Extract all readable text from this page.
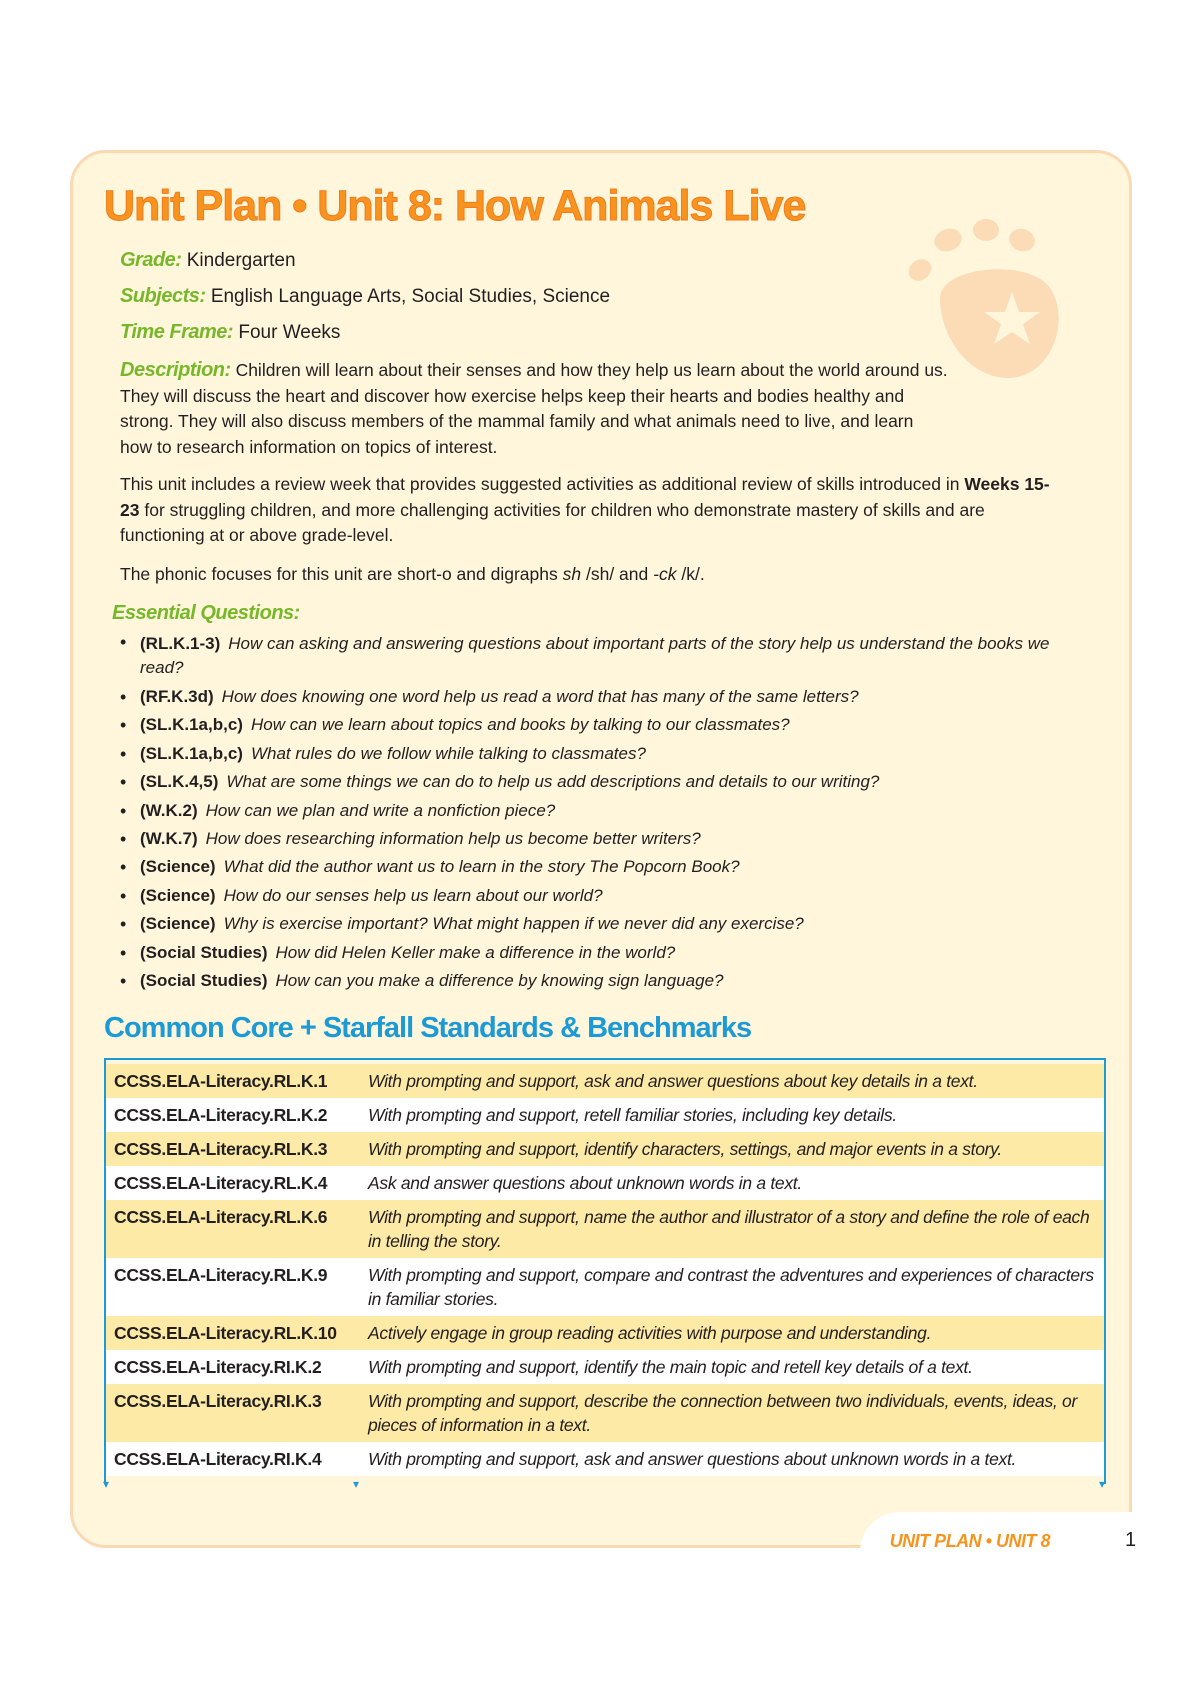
Unit Plan • Unit 8: How Animals Live
Grade: Kindergarten
Subjects: English Language Arts, Social Studies, Science
Time Frame: Four Weeks

Description: Children will learn about their senses and how they help us learn about the world around us. They will discuss the heart and discover how exercise helps keep their hearts and bodies healthy and strong. They will also discuss members of the mammal family and what animals need to live, and learn how to research information on topics of interest.

This unit includes a review week that provides suggested activities as additional review of skills introduced in Weeks 15-23 for struggling children, and more challenging activities for children who demonstrate mastery of skills and are functioning at or above grade-level.

The phonic focuses for this unit are short-o and digraphs sh /sh/ and -ck /k/.

Essential Questions:
• (RL.K.1-3) How can asking and answering questions about important parts of the story help us understand the books we read?
• (RF.K.3d) How does knowing one word help us read a word that has many of the same letters?
• (SL.K.1a,b,c) How can we learn about topics and books by talking to our classmates?
• (SL.K.1a,b,c) What rules do we follow while talking to classmates?
• (SL.K.4,5) What are some things we can do to help us add descriptions and details to our writing?
• (W.K.2) How can we plan and write a nonfiction piece?
• (W.K.7) How does researching information help us become better writers?
• (Science) What did the author want us to learn in the story The Popcorn Book?
• (Science) How do our senses help us learn about our world?
• (Science) Why is exercise important? What might happen if we never did any exercise?
• (Social Studies) How did Helen Keller make a difference in the world?
• (Social Studies) How can you make a difference by knowing sign language?
Common Core + Starfall Standards & Benchmarks
CCSS.ELA-Literacy.RL.K.1	With prompting and support, ask and answer questions about key details in a text.
CCSS.ELA-Literacy.RL.K.2	With prompting and support, retell familiar stories, including key details.
CCSS.ELA-Literacy.RL.K.3	With prompting and support, identify characters, settings, and major events in a story.
CCSS.ELA-Literacy.RL.K.4	Ask and answer questions about unknown words in a text.
CCSS.ELA-Literacy.RL.K.6	With prompting and support, name the author and illustrator of a story and define the role of each in telling the story.
CCSS.ELA-Literacy.RL.K.9	With prompting and support, compare and contrast the adventures and experiences of characters in familiar stories.
CCSS.ELA-Literacy.RL.K.10	Actively engage in group reading activities with purpose and understanding.
CCSS.ELA-Literacy.RI.K.2	With prompting and support, identify the main topic and retell key details of a text.
CCSS.ELA-Literacy.RI.K.3	With prompting and support, describe the connection between two individuals, events, ideas, or pieces of information in a text.
CCSS.ELA-Literacy.RI.K.4	With prompting and support, ask and answer questions about unknown words in a text.
▾	▾	▾
UNIT PLAN • UNIT 8	1
